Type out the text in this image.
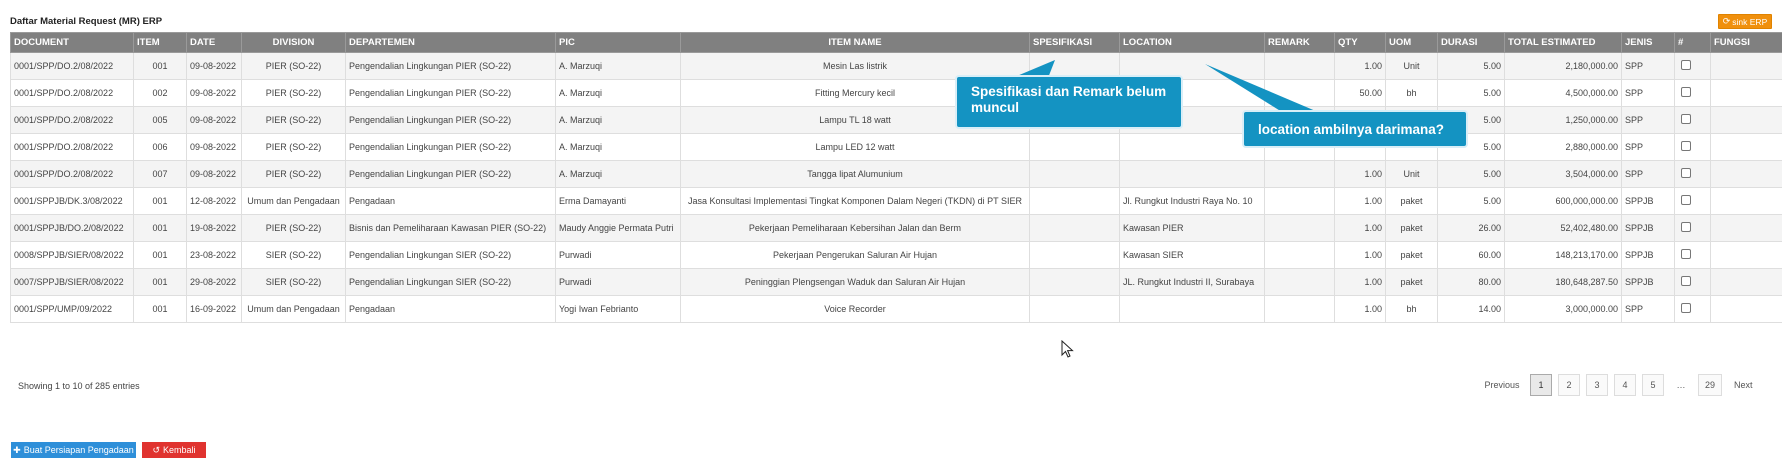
Daftar Material Request (MR) ERP	⟳ sink ERP
DOCUMENT	ITEM	DATE	DIVISION	DEPARTEMEN	PIC	ITEM NAME	SPESIFIKASI	LOCATION	REMARK	QTY	UOM	DURASI	TOTAL ESTIMATED	JENIS	#	FUNGSI
0001/SPP/DO.2/08/2022	001	09-08-2022	PIER (SO-22)	Pengendalian Lingkungan PIER (SO-22)	A. Marzuqi	Mesin Las listrik				1.00	Unit	5.00	2,180,000.00	SPP		
0001/SPP/DO.2/08/2022	002	09-08-2022	PIER (SO-22)	Pengendalian Lingkungan PIER (SO-22)	A. Marzuqi	Fitting Mercury kecil				50.00	bh	5.00	4,500,000.00	SPP		
0001/SPP/DO.2/08/2022	005	09-08-2022	PIER (SO-22)	Pengendalian Lingkungan PIER (SO-22)	A. Marzuqi	Lampu TL 18 watt						5.00	1,250,000.00	SPP		
0001/SPP/DO.2/08/2022	006	09-08-2022	PIER (SO-22)	Pengendalian Lingkungan PIER (SO-22)	A. Marzuqi	Lampu LED 12 watt						5.00	2,880,000.00	SPP		
0001/SPP/DO.2/08/2022	007	09-08-2022	PIER (SO-22)	Pengendalian Lingkungan PIER (SO-22)	A. Marzuqi	Tangga lipat Alumunium				1.00	Unit	5.00	3,504,000.00	SPP		
0001/SPPJB/DK.3/08/2022	001	12-08-2022	Umum dan Pengadaan	Pengadaan	Erma Damayanti	Jasa Konsultasi Implementasi Tingkat Komponen Dalam Negeri (TKDN) di PT SIER		Jl. Rungkut Industri Raya No. 10		1.00	paket	5.00	600,000,000.00	SPPJB		
0001/SPPJB/DO.2/08/2022	001	19-08-2022	PIER (SO-22)	Bisnis dan Pemeliharaan Kawasan PIER (SO-22)	Maudy Anggie Permata Putri	Pekerjaan Pemeliharaan Kebersihan Jalan dan Berm		Kawasan PIER		1.00	paket	26.00	52,402,480.00	SPPJB		
0008/SPPJB/SIER/08/2022	001	23-08-2022	SIER (SO-22)	Pengendalian Lingkungan SIER (SO-22)	Purwadi	Pekerjaan Pengerukan Saluran Air Hujan		Kawasan SIER		1.00	paket	60.00	148,213,170.00	SPPJB		
0007/SPPJB/SIER/08/2022	001	29-08-2022	SIER (SO-22)	Pengendalian Lingkungan SIER (SO-22)	Purwadi	Peninggian Plengsengan Waduk dan Saluran Air Hujan		JL. Rungkut Industri II, Surabaya		1.00	paket	80.00	180,648,287.50	SPPJB		
0001/SPP/UMP/09/2022	001	16-09-2022	Umum dan Pengadaan	Pengadaan	Yogi Iwan Febrianto	Voice Recorder				1.00	bh	14.00	3,000,000.00	SPP		
Spesifikasi dan Remark belum muncul
location ambilnya darimana?
Showing 1 to 10 of 285 entries	Previous	1	2	3	4	5	…	29	Next
✚ Buat Persiapan Pengadaan ↺ Kembali
